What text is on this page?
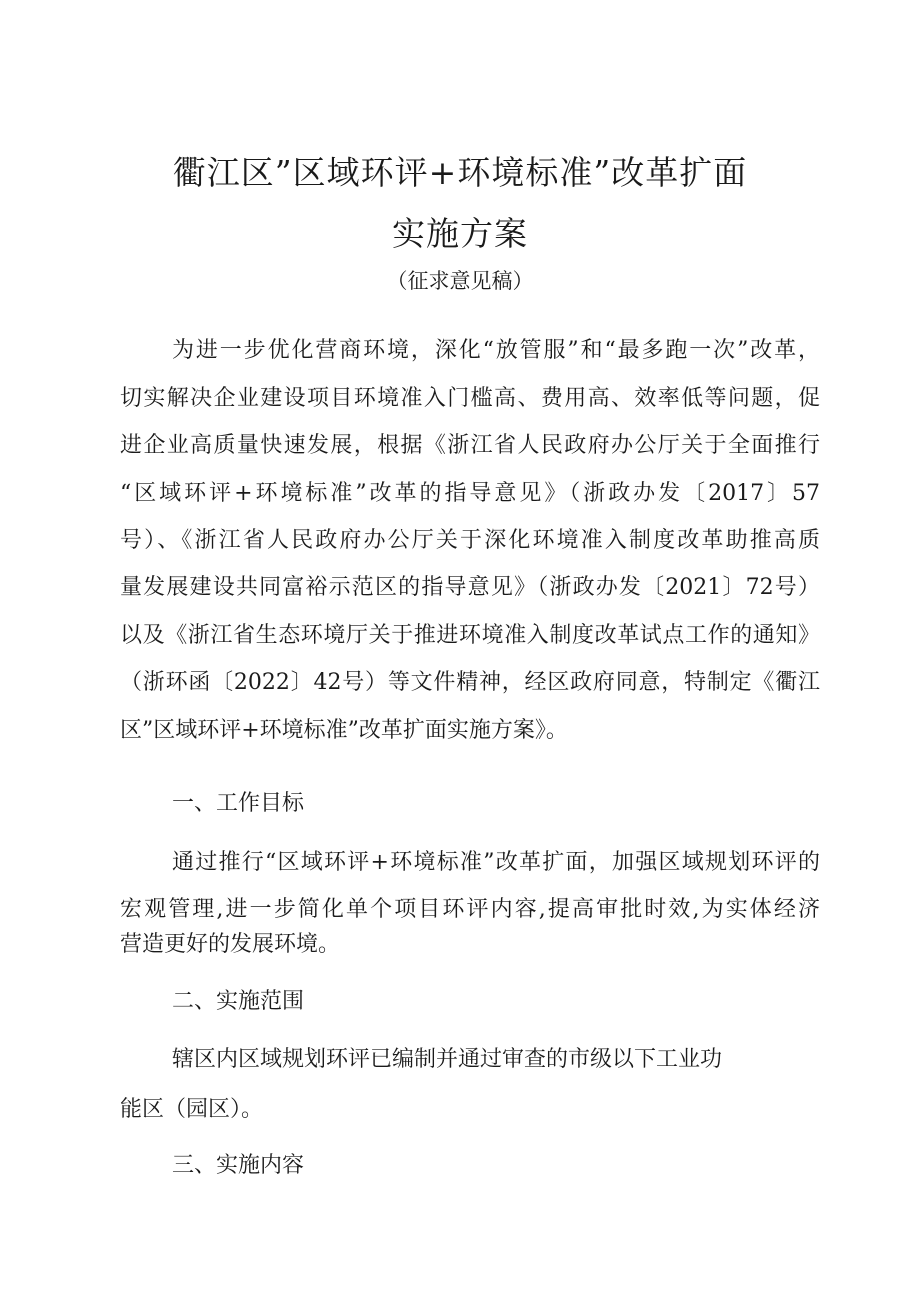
衢江区”区域环评+环境标准”改革扩面
实施方案
（征求意见稿）
为进一步优化营商环境，深化“放管服”和“最多跑一次”改革，
切实解决企业建设项目环境准入门槛高、费用高、效率低等问题，促
进企业高质量快速发展，根据《浙江省人民政府办公厅关于全面推行
“区域环评+环境标准”改革的指导意见》（浙政办发〔2017〕57
号）、《浙江省人民政府办公厅关于深化环境准入制度改革助推高质
量发展建设共同富裕示范区的指导意见》（浙政办发〔2021〕72号）
以及《浙江省生态环境厅关于推进环境准入制度改革试点工作的通知》
（浙环函〔2022〕42号）等文件精神，经区政府同意，特制定《衢江
区”区域环评+环境标准”改革扩面实施方案》。
一、工作目标
通过推行“区域环评+环境标准”改革扩面，加强区域规划环评的
宏观管理,进一步简化单个项目环评内容,提高审批时效,为实体经济
营造更好的发展环境。
二、实施范围
辖区内区域规划环评已编制并通过审查的市级以下工业功
能区（园区）。
三、实施内容
